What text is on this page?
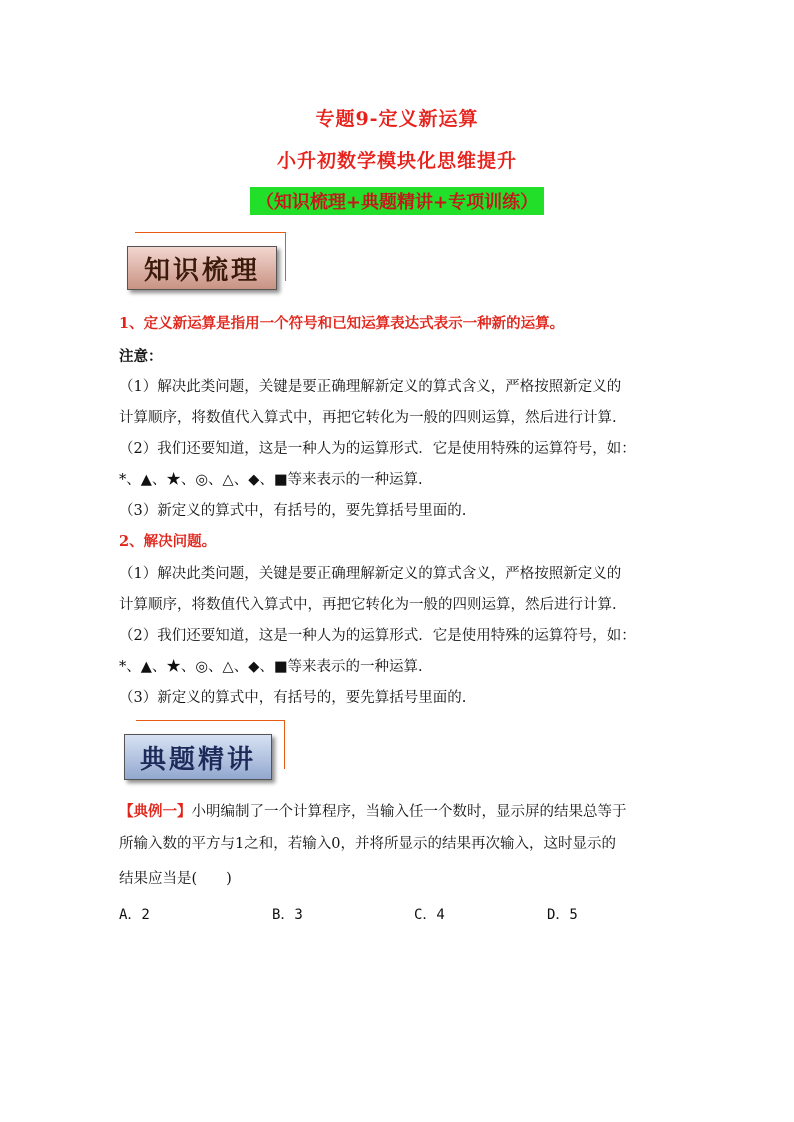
专题9-定义新运算
小升初数学模块化思维提升
（知识梳理+典题精讲+专项训练）
知识梳理
1、定义新运算是指用一个符号和已知运算表达式表示一种新的运算。
注意：
（1）解决此类问题，关键是要正确理解新定义的算式含义，严格按照新定义的
计算顺序，将数值代入算式中，再把它转化为一般的四则运算，然后进行计算.
（2）我们还要知道，这是一种人为的运算形式．它是使用特殊的运算符号，如：
*、▲、★、◎、△、◆、■等来表示的一种运算.
（3）新定义的算式中，有括号的，要先算括号里面的.
2、解决问题。
（1）解决此类问题，关键是要正确理解新定义的算式含义，严格按照新定义的
计算顺序，将数值代入算式中，再把它转化为一般的四则运算，然后进行计算.
（2）我们还要知道，这是一种人为的运算形式．它是使用特殊的运算符号，如：
*、▲、★、◎、△、◆、■等来表示的一种运算.
（3）新定义的算式中，有括号的，要先算括号里面的.
典题精讲
【典例一】小明编制了一个计算程序，当输入任一个数时，显示屏的结果总等于
所输入数的平方与1之和，若输入0，并将所显示的结果再次输入，这时显示的
结果应当是(　　)
A．2	B．3	C．4	D．5
